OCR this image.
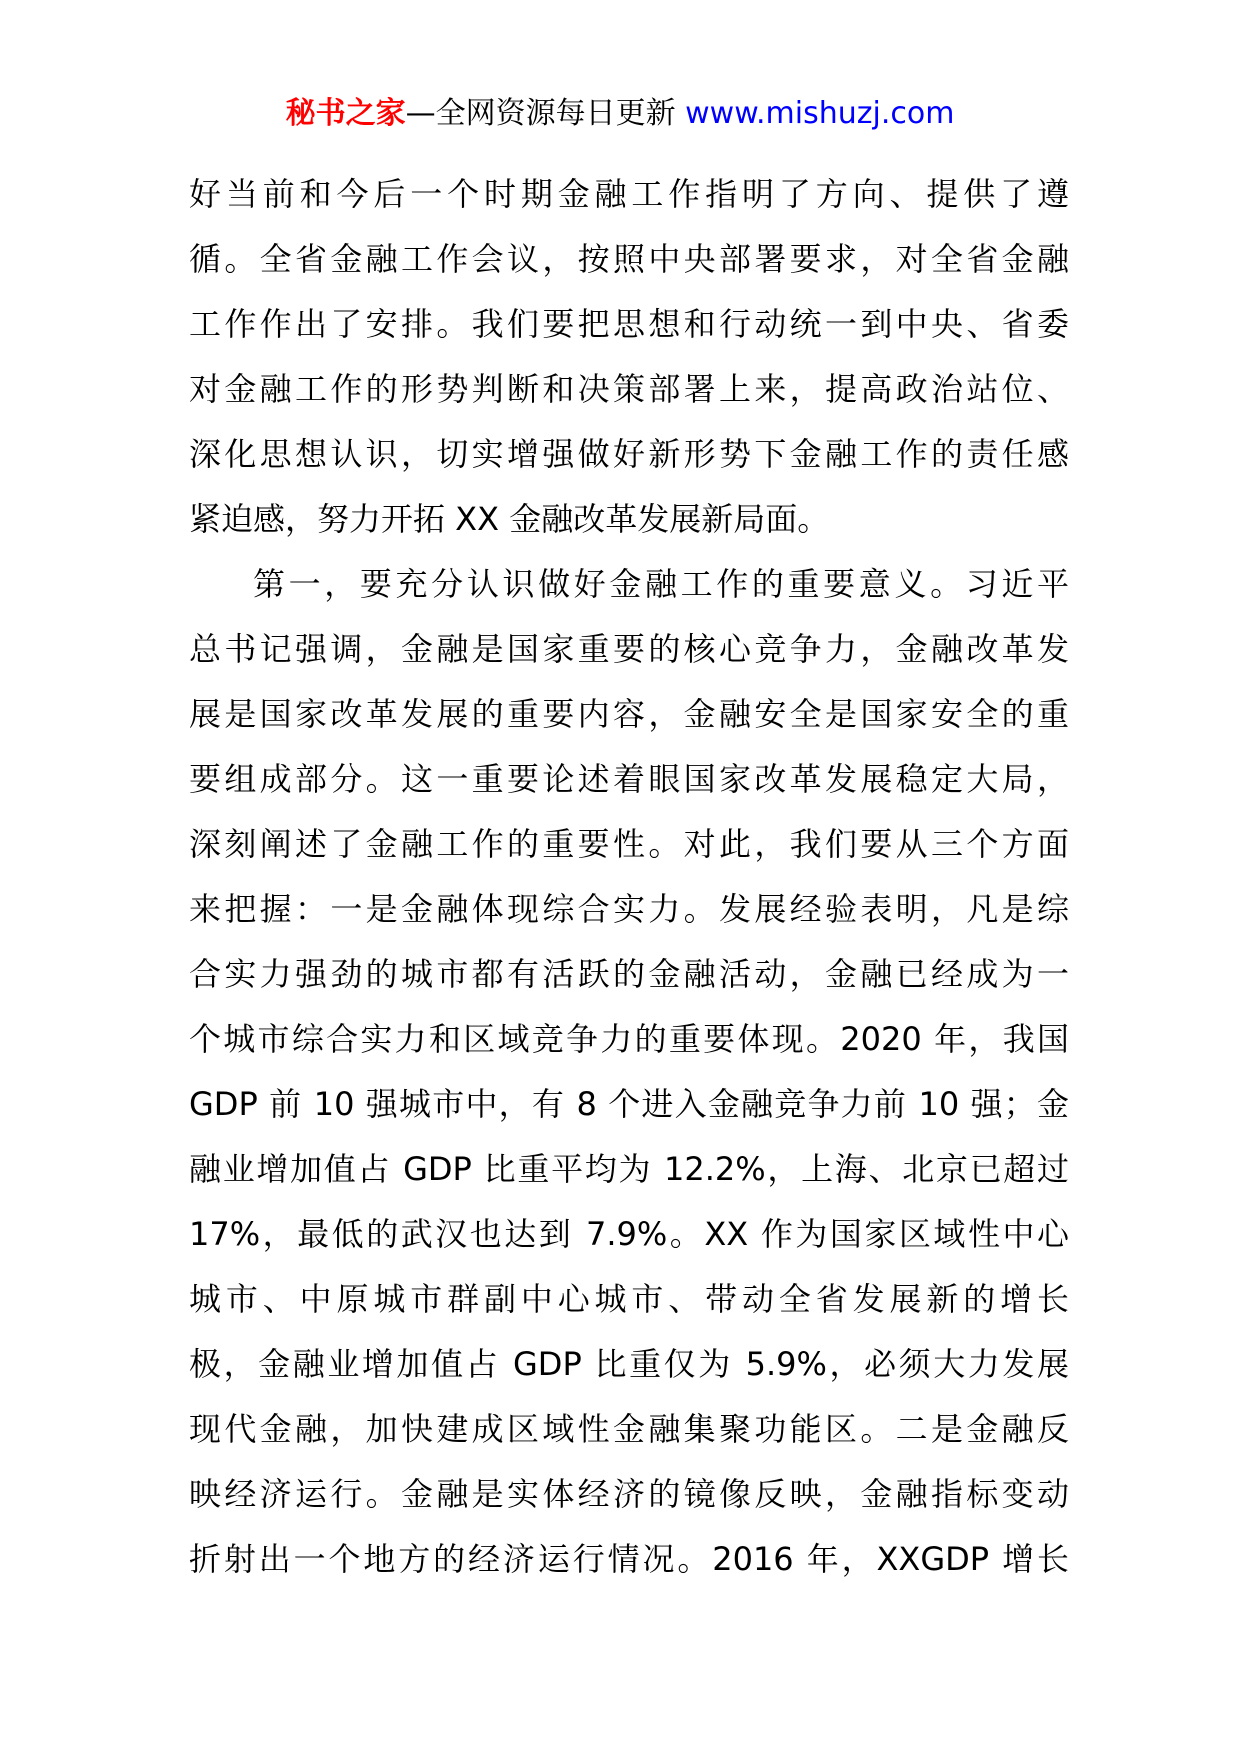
秘书之家—全网资源每日更新 www.mishuzj.com
好当前和今后一个时期金融工作指明了方向、提供了遵
循。全省金融工作会议，按照中央部署要求，对全省金融
工作作出了安排。我们要把思想和行动统一到中央、省委
对金融工作的形势判断和决策部署上来，提高政治站位、
深化思想认识，切实增强做好新形势下金融工作的责任感
紧迫感，努力开拓 XX 金融改革发展新局面。
第一，要充分认识做好金融工作的重要意义。习近平
总书记强调，金融是国家重要的核心竞争力，金融改革发
展是国家改革发展的重要内容，金融安全是国家安全的重
要组成部分。这一重要论述着眼国家改革发展稳定大局，
深刻阐述了金融工作的重要性。对此，我们要从三个方面
来把握：一是金融体现综合实力。发展经验表明，凡是综
合实力强劲的城市都有活跃的金融活动，金融已经成为一
个城市综合实力和区域竞争力的重要体现。2020 年，我国
GDP 前 10 强城市中，有 8 个进入金融竞争力前 10 强；金
融业增加值占 GDP 比重平均为 12.2%，上海、北京已超过
17%，最低的武汉也达到 7.9%。XX 作为国家区域性中心
城市、中原城市群副中心城市、带动全省发展新的增长
极，金融业增加值占 GDP 比重仅为 5.9%，必须大力发展
现代金融，加快建成区域性金融集聚功能区。二是金融反
映经济运行。金融是实体经济的镜像反映，金融指标变动
折射出一个地方的经济运行情况。2016 年，XXGDP 增长
